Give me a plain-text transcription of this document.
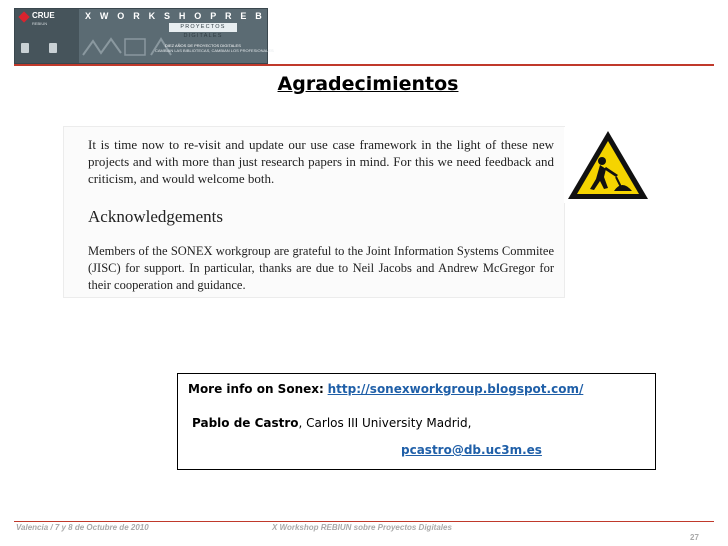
CRUE
REBIUN
X W O R K S H O P R E B I U N
PROYECTOS DIGITALES
DIEZ AÑOS DE PROYECTOS DIGITALES
CAMBIAN LAS BIBLIOTECAS, CAMBIAN LOS PROFESIONALES
Agradecimientos
It is time now to re-visit and update our use case framework in the light of these new projects and with more than just research papers in mind. For this we need feedback and criticism, and would welcome both.
Acknowledgements
Members of the SONEX workgroup are grateful to the Joint Information Systems Commitee (JISC) for support. In particular, thanks are due to Neil Jacobs and Andrew McGregor for their cooperation and guidance.
More info on Sonex: http://sonexworkgroup.blogspot.com/
Pablo de Castro, Carlos III University Madrid,
pcastro@db.uc3m.es
Valencia / 7 y 8 de Octubre de 2010	X Workshop REBIUN sobre Proyectos Digitales
27
